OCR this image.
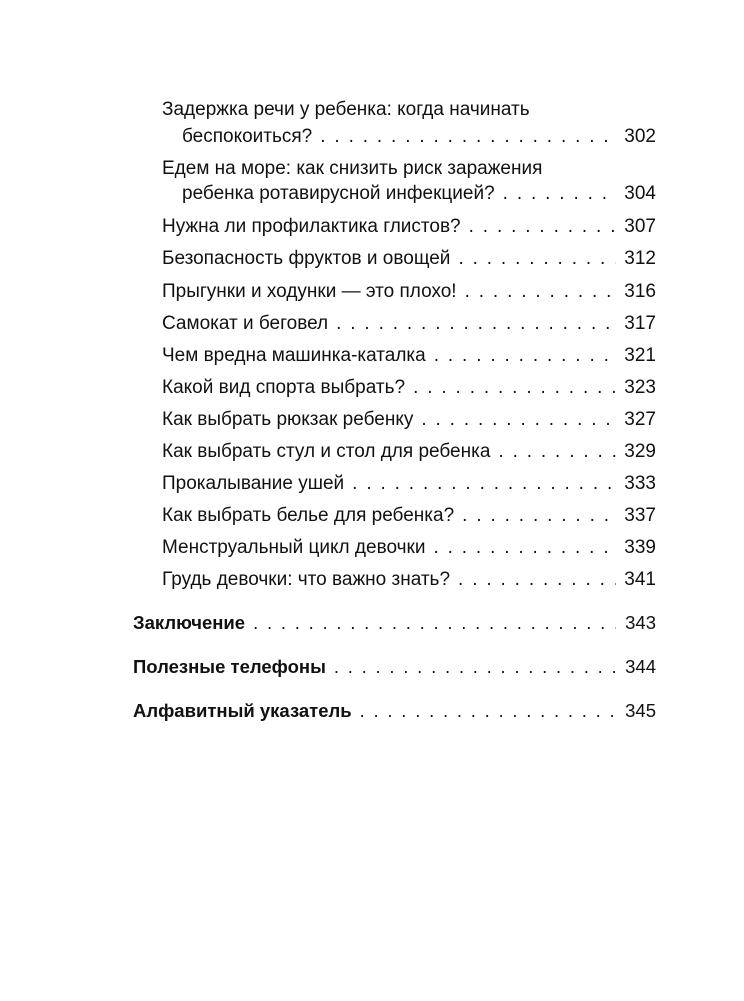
Задержка речи у ребенка: когда начинать
беспокоиться? . . .	302
Едем на море: как снизить риск заражения
ребенка ротавирусной инфекцией? . . .	304
Нужна ли профилактика глистов? . . .	307
Безопасность фруктов и овощей . . .	312
Прыгунки и ходунки — это плохо! . . .	316
Самокат и беговел . . .	317
Чем вредна машинка-каталка . . .	321
Какой вид спорта выбрать? . . .	323
Как выбрать рюкзак ребенку . . .	327
Как выбрать стул и стол для ребенка . . .	329
Прокалывание ушей . . .	333
Как выбрать белье для ребенка? . . .	337
Менструальный цикл девочки . . .	339
Грудь девочки: что важно знать? . . .	341
Заключение . . .	343
Полезные телефоны . . .	344
Алфавитный указатель . . .	345
